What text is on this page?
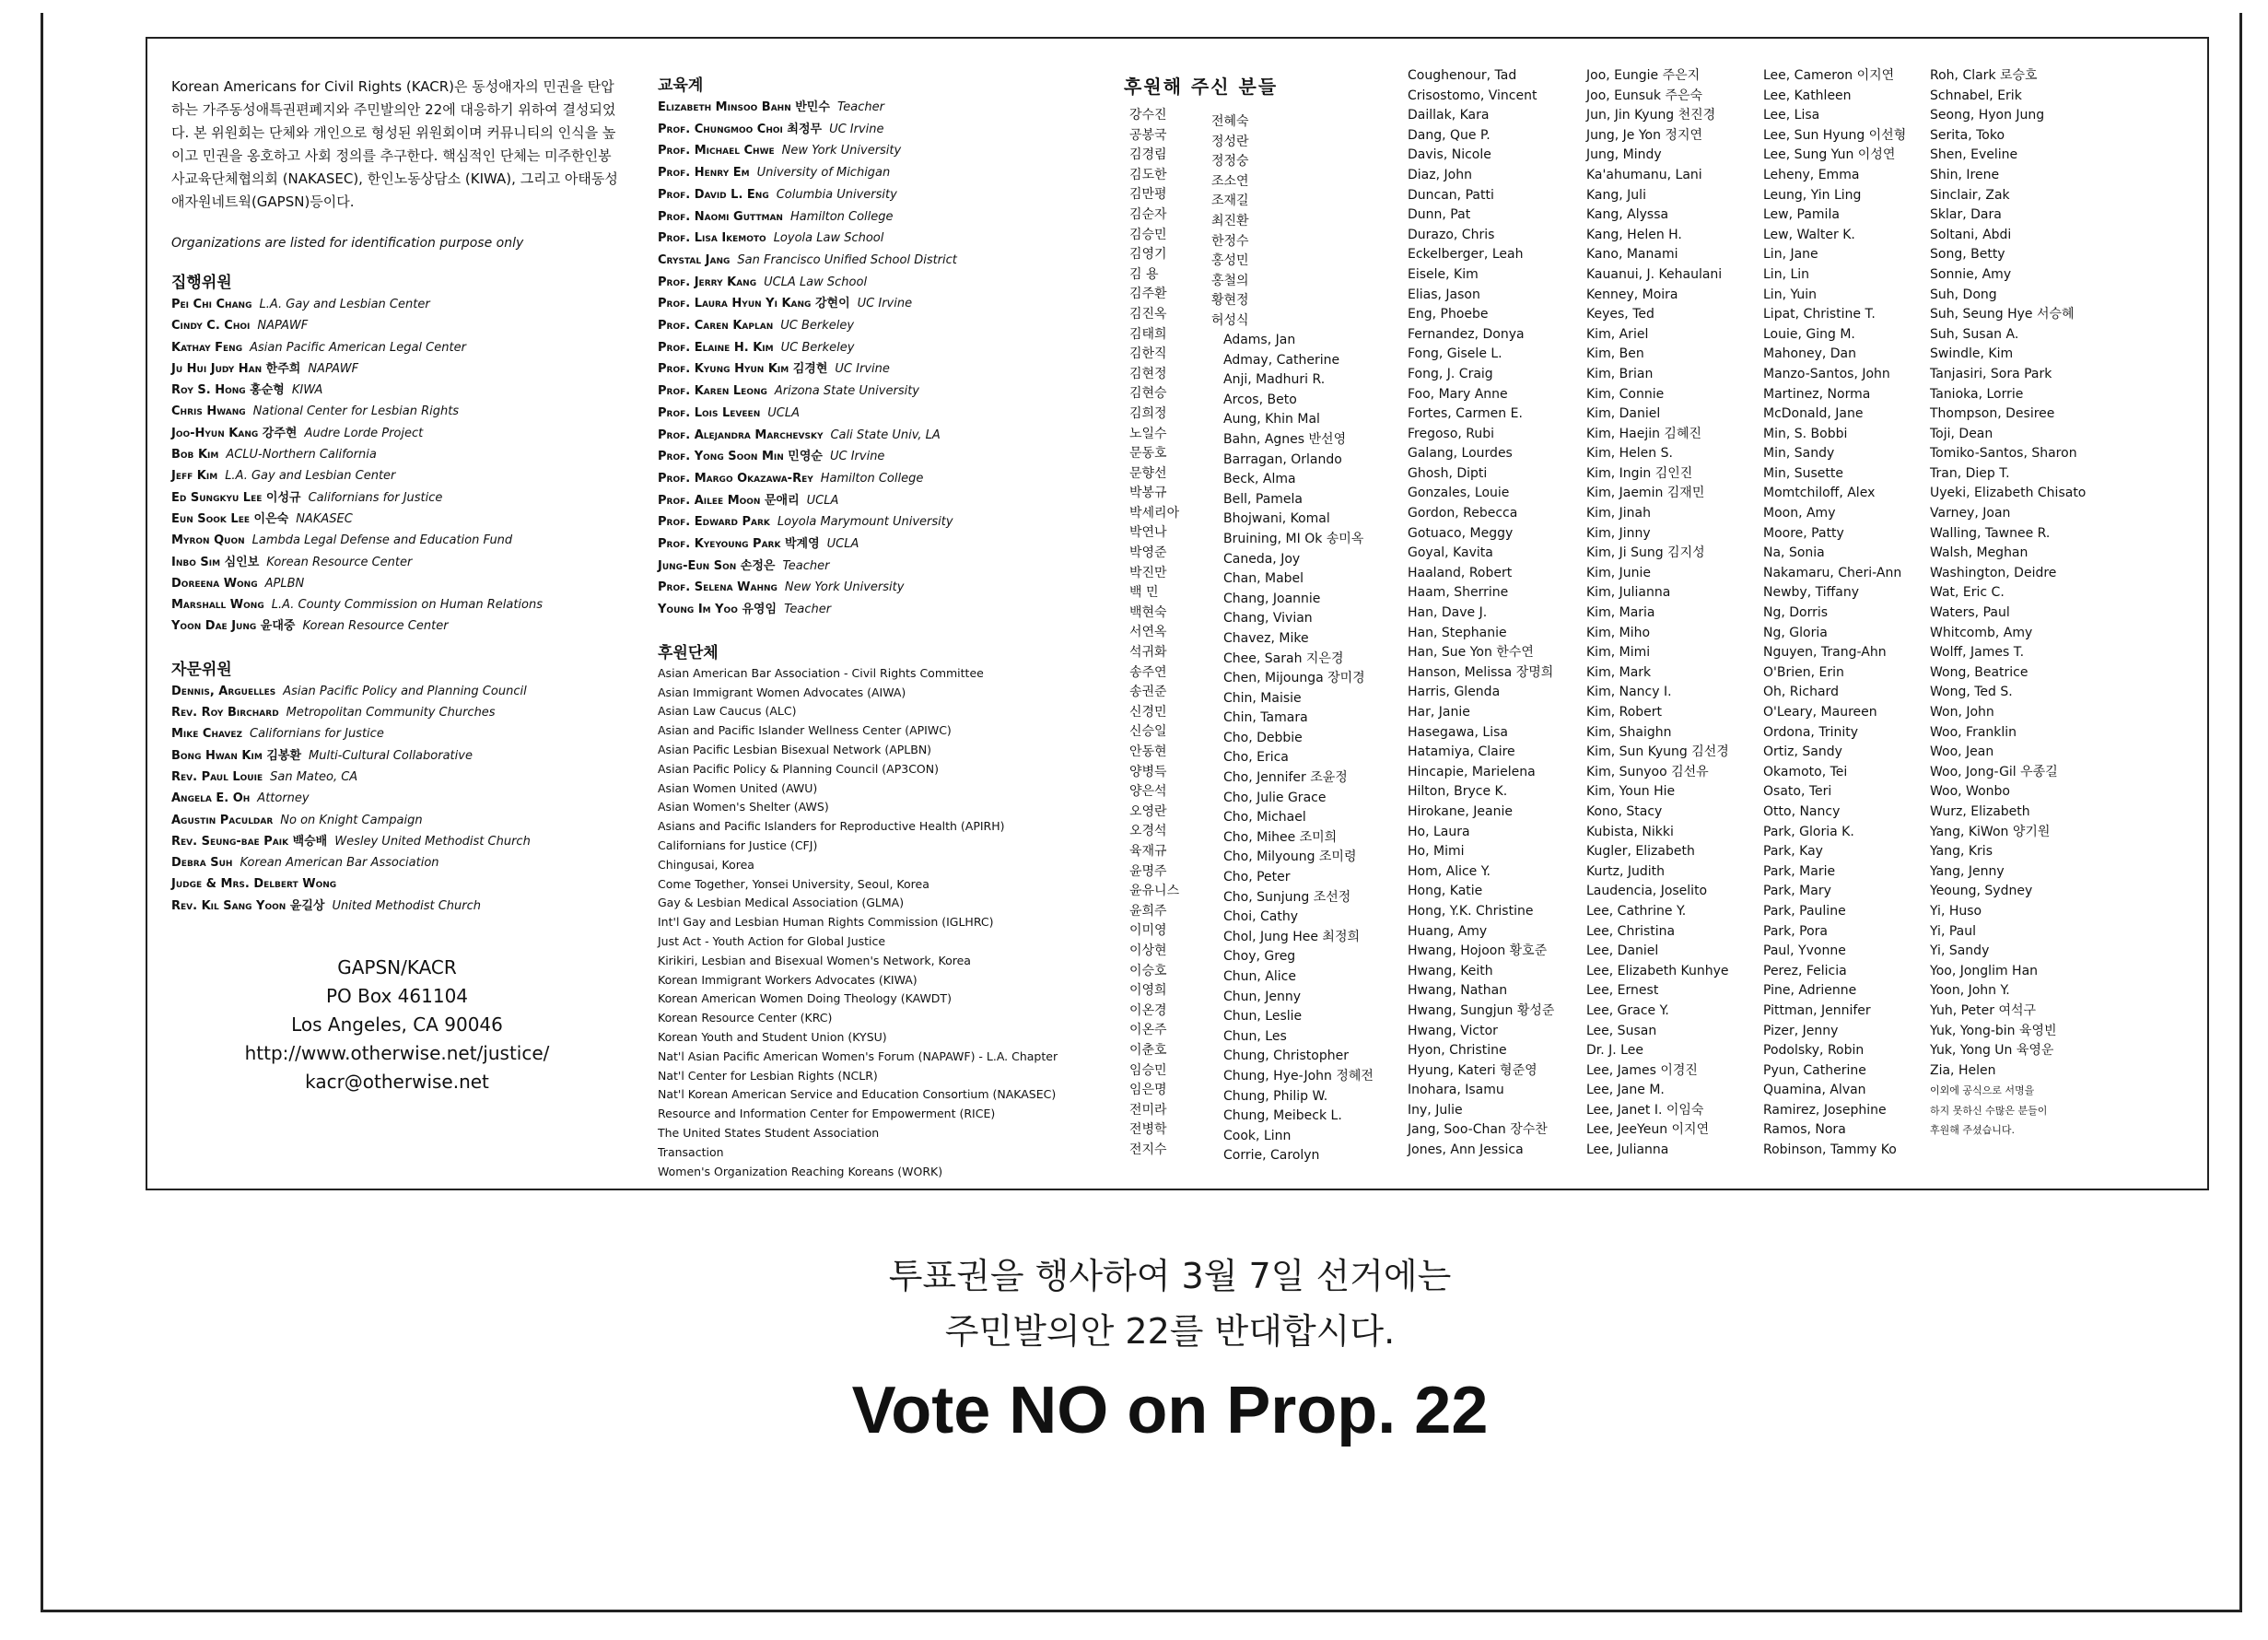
Korean Americans for Civil Rights (KACR)은 동성애자의 민권을 탄압하는 가주동성애특권편폐지와 주민발의안 22에 대응하기 위하여 결성되었다. 본 위원회는 단체와 개인으로 형성된 위원회이며 커뮤니티의 인식을 높이고 민권을 옹호하고 사회 정의를 추구한다. 핵심적인 단체는 미주한인봉사교육단체협의회 (NAKASEC), 한인노동상담소 (KIWA), 그리고 아태동성애자원네트웍(GAPSN)등이다.
Organizations are listed for identification purpose only
집행위원
Pei Chi Chang L.A. Gay and Lesbian Center
Cindy C. Choi NAPAWF
Kathay Feng Asian Pacific American Legal Center
Ju Hui Judy Han 한주희 NAPAWF
Roy S. Hong 홍순형 KIWA
Chris Hwang National Center for Lesbian Rights
Joo-Hyun Kang 강주현 Audre Lorde Project
Bob Kim ACLU-Northern California
Jeff Kim L.A. Gay and Lesbian Center
Ed Sungkyu Lee 이성규 Californians for Justice
Eun Sook Lee 이은숙 NAKASEC
Myron Quon Lambda Legal Defense and Education Fund
Inbo Sim 심인보 Korean Resource Center
Doreena Wong APLBN
Marshall Wong L.A. County Commission on Human Relations
Yoon Dae Jung 윤대중 Korean Resource Center
자문위원
Dennis, Arguelles Asian Pacific Policy and Planning Council
Rev. Roy Birchard Metropolitan Community Churches
Mike Chavez Californians for Justice
Bong Hwan Kim 김봉환 Multi-Cultural Collaborative
Rev. Paul Louie San Mateo, CA
Angela E. Oh Attorney
Agustin Paculdar No on Knight Campaign
Rev. Seung-bae Paik 백승배 Wesley United Methodist Church
Debra Suh Korean American Bar Association
Judge & Mrs. Delbert Wong
Rev. Kil Sang Yoon 윤길상 United Methodist Church
GAPSN/KACR
PO Box 461104
Los Angeles, CA 90046
http://www.otherwise.net/justice/
kacr@otherwise.net
교육계
Elizabeth Minsoo Bahn 반민수 Teacher
Prof. Chungmoo Choi 최정무 UC Irvine
Prof. Michael Chwe New York University
Prof. Henry Em University of Michigan
Prof. David L. Eng Columbia University
Prof. Naomi Guttman Hamilton College
Prof. Lisa Ikemoto Loyola Law School
Crystal Jang San Francisco Unified School District
Prof. Jerry Kang UCLA Law School
Prof. Laura Hyun Yi Kang 강현이 UC Irvine
Prof. Caren Kaplan UC Berkeley
Prof. Elaine H. Kim UC Berkeley
Prof. Kyung Hyun Kim 김경현 UC Irvine
Prof. Karen Leong Arizona State University
Prof. Lois Leveen UCLA
Prof. Alejandra Marchevsky Cali State Univ, LA
Prof. Yong Soon Min 민영순 UC Irvine
Prof. Margo Okazawa-Rey Hamilton College
Prof. Ailee Moon 문애리 UCLA
Prof. Edward Park Loyola Marymount University
Prof. Kyeyoung Park 박계영 UCLA
Jung-Eun Son 손정은 Teacher
Prof. Selena Wahng New York University
Young Im Yoo 유영임 Teacher
후원단체
Asian American Bar Association - Civil Rights Committee
Asian Immigrant Women Advocates (AIWA)
Asian Law Caucus (ALC)
Asian and Pacific Islander Wellness Center (APIWC)
Asian Pacific Lesbian Bisexual Network (APLBN)
Asian Pacific Policy & Planning Council (AP3CON)
Asian Women United (AWU)
Asian Women's Shelter (AWS)
Asians and Pacific Islanders for Reproductive Health (APIRH)
Californians for Justice (CFJ)
Chingusai, Korea
Come Together, Yonsei University, Seoul, Korea
Gay & Lesbian Medical Association (GLMA)
Int'l Gay and Lesbian Human Rights Commission (IGLHRC)
Just Act - Youth Action for Global Justice
Kirikiri, Lesbian and Bisexual Women's Network, Korea
Korean Immigrant Workers Advocates (KIWA)
Korean American Women Doing Theology (KAWDT)
Korean Resource Center (KRC)
Korean Youth and Student Union (KYSU)
Nat'l Asian Pacific American Women's Forum (NAPAWF) - L.A. Chapter
Nat'l Center for Lesbian Rights (NCLR)
Nat'l Korean American Service and Education Consortium (NAKASEC)
Resource and Information Center for Empowerment (RICE)
The United States Student Association
Transaction
Women's Organization Reaching Koreans (WORK)
후원해 주신 분들
강수진
공봉국
김경림
김도한
김만평
김순자
김승민
김영기
김 용
김주환
김진옥
김태희
김한직
김현정
김현승
김희정
노일수
문동호
문향선
박봉규
박세리아
박연나
박영준
박진만
백 민
백현숙
서연옥
석귀화
송주연
송권준
신경민
신승일
안동현
양병득
양은석
오영란
오경석
육재규
윤명주
윤유니스
윤희주
이미영
이상현
이승호
이영희
이온경
이온주
이춘호
임승민
임은명
전미라
전병학
전지수
전혜숙
정성란
정정숭
조소연
조재길
최진환
한정수
홍성민
홍철의
황현정
허성식
Adams, Jan
Admay, Catherine
Anji, Madhuri R.
Arcos, Beto
Aung, Khin Mal
Bahn, Agnes 반선영
Barragan, Orlando
Beck, Alma
Bell, Pamela
Bhojwani, Komal
Bruining, MI Ok 송미옥
Caneda, Joy
Chan, Mabel
Chang, Joannie
Chang, Vivian
Chavez, Mike
Chee, Sarah 지은경
Chen, Mijounga 장미경
Chin, Maisie
Chin, Tamara
Cho, Debbie
Cho, Erica
Cho, Jennifer 조윤정
Cho, Julie Grace
Cho, Michael
Cho, Mihee 조미희
Cho, Milyoung 조미령
Cho, Peter
Cho, Sunjung 조선정
Choi, Cathy
Chol, Jung Hee 최정희
Choy, Greg
Chun, Alice
Chun, Jenny
Chun, Leslie
Chun, Les
Chung, Christopher
Chung, Hye-John 정혜전
Chung, Philip W.
Chung, Meibeck L.
Cook, Linn
Corrie, Carolyn
Coughenour, Tad
Crisostomo, Vincent
Daillak, Kara
Dang, Que P.
Davis, Nicole
Diaz, John
Duncan, Patti
Dunn, Pat
Durazo, Chris
Eckelberger, Leah
Eisele, Kim
Elias, Jason
Eng, Phoebe
Fernandez, Donya
Fong, Gisele L.
Fong, J. Craig
Foo, Mary Anne
Fortes, Carmen E.
Fregoso, Rubi
Galang, Lourdes
Ghosh, Dipti
Gonzales, Louie
Gordon, Rebecca
Gotuaco, Meggy
Goyal, Kavita
Haaland, Robert
Haam, Sherrine
Han, Dave J.
Han, Stephanie
Han, Sue Yon 한수연
Hanson, Melissa 장명희
Harris, Glenda
Har, Janie
Hasegawa, Lisa
Hatamiya, Claire
Hincapie, Marielena
Hilton, Bryce K.
Hirokane, Jeanie
Ho, Laura
Ho, Mimi
Hom, Alice Y.
Hong, Katie
Hong, Y.K. Christine
Huang, Amy
Hwang, Hojoon 황호준
Hwang, Keith
Hwang, Nathan
Hwang, Sungjun 황성준
Hwang, Victor
Hyon, Christine
Hyung, Kateri 형준영
Inohara, Isamu
Iny, Julie
Jang, Soo-Chan 장수찬
Jones, Ann Jessica
Joo, Eungie 주은지
Joo, Eunsuk 주은숙
Jun, Jin Kyung 천진경
Jung, Je Yon 정지연
Jung, Mindy
Ka'ahumanu, Lani
Kang, Juli
Kang, Alyssa
Kang, Helen H.
Kano, Manami
Kauanui, J. Kehaulani
Kenney, Moira
Keyes, Ted
Kim, Ariel
Kim, Ben
Kim, Brian
Kim, Connie
Kim, Daniel
Kim, Haejin 김혜진
Kim, Helen S.
Kim, Ingin 김인진
Kim, Jaemin 김재민
Kim, Jinah
Kim, Jinny
Kim, Ji Sung 김지성
Kim, Junie
Kim, Julianna
Kim, Maria
Kim, Miho
Kim, Mimi
Kim, Mark
Kim, Nancy I.
Kim, Robert
Kim, Shaighn
Kim, Sun Kyung 김선경
Kim, Sunyoo 김선유
Kim, Youn Hie
Kono, Stacy
Kubista, Nikki
Kugler, Elizabeth
Kurtz, Judith
Laudencia, Joselito
Lee, Cathrine Y.
Lee, Christina
Lee, Daniel
Lee, Elizabeth Kunhye
Lee, Ernest
Lee, Grace Y.
Lee, Susan
Dr. J. Lee
Lee, James 이경진
Lee, Jane M.
Lee, Janet I. 이임숙
Lee, JeeYeun 이지연
Lee, Julianna
Lee, Cameron 이지연
Lee, Kathleen
Lee, Lisa
Lee, Sun Hyung 이선형
Lee, Sung Yun 이성연
Leheny, Emma
Leung, Yin Ling
Lew, Pamila
Lew, Walter K.
Lin, Jane
Lin, Lin
Lin, Yuin
Lipat, Christine T.
Louie, Ging M.
Mahoney, Dan
Manzo-Santos, John
Martinez, Norma
McDonald, Jane
Min, S. Bobbi
Min, Sandy
Min, Susette
Momtchiloff, Alex
Moon, Amy
Moore, Patty
Na, Sonia
Nakamaru, Cheri-Ann
Newby, Tiffany
Ng, Dorris
Ng, Gloria
Nguyen, Trang-Ahn
O'Brien, Erin
Oh, Richard
O'Leary, Maureen
Ordona, Trinity
Ortiz, Sandy
Okamoto, Tei
Osato, Teri
Otto, Nancy
Park, Gloria K.
Park, Kay
Park, Marie
Park, Mary
Park, Pauline
Park, Pora
Paul, Yvonne
Perez, Felicia
Pine, Adrienne
Pittman, Jennifer
Pizer, Jenny
Podolsky, Robin
Pyun, Catherine
Quamina, Alvan
Ramirez, Josephine
Ramos, Nora
Robinson, Tammy Ko
Roh, Clark 로승호
Schnabel, Erik
Seong, Hyon Jung
Serita, Toko
Shen, Eveline
Shin, Irene
Sinclair, Zak
Sklar, Dara
Soltani, Abdi
Song, Betty
Sonnie, Amy
Suh, Dong
Suh, Seung Hye 서승혜
Suh, Susan A.
Swindle, Kim
Tanjasiri, Sora Park
Tanioka, Lorrie
Thompson, Desiree
Toji, Dean
Tomiko-Santos, Sharon
Tran, Diep T.
Uyeki, Elizabeth Chisato
Varney, Joan
Walling, Tawnee R.
Walsh, Meghan
Washington, Deidre
Wat, Eric C.
Waters, Paul
Whitcomb, Amy
Wolff, James T.
Wong, Beatrice
Wong, Ted S.
Won, John
Woo, Franklin
Woo, Jean
Woo, Jong-Gil 우종길
Woo, Wonbo
Wurz, Elizabeth
Yang, KiWon 양기원
Yang, Kris
Yang, Jenny
Yeoung, Sydney
Yi, Huso
Yi, Paul
Yi, Sandy
Yoo, Jonglim Han
Yoon, John Y.
Yuh, Peter 여석구
Yuk, Yong-bin 육영빈
Yuk, Yong Un 육영운
Zia, Helen
이외에 공식으로 서명을
하지 못하신 수많은 분들이
후원해 주셨습니다.
투표권을 행사하여 3월 7일 선거에는
주민발의안 22를 반대합시다.
Vote NO on Prop. 22
